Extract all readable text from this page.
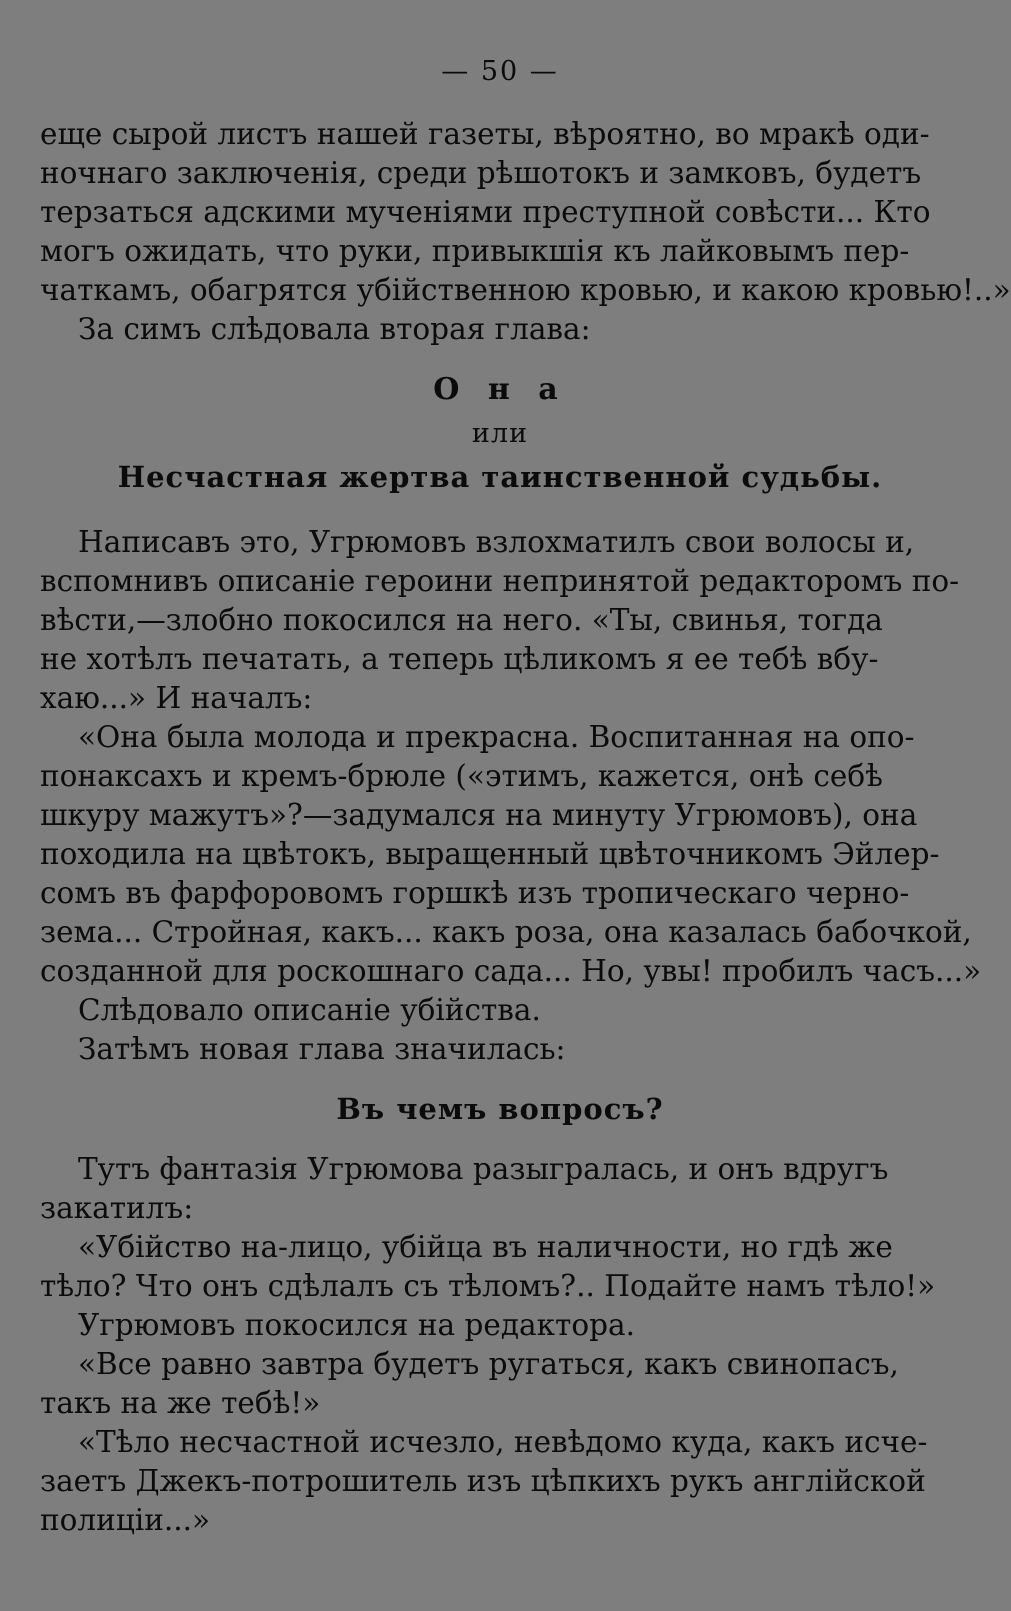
— 50 —
еще сырой листъ нашей газеты, вѣроятно, во мракѣ оди-
ночнаго заключенія, среди рѣшотокъ и замковъ, будетъ
терзаться адскими мученіями преступной совѣсти... Кто
могъ ожидать, что руки, привыкшія къ лайковымъ пер-
чаткамъ, обагрятся убійственною кровью, и какою кровью!..»
За симъ слѣдовала вторая глава:
О н а
или
Несчастная жертва таинственной судьбы.
Написавъ это, Угрюмовъ взлохматилъ свои волосы и,
вспомнивъ описаніе героини непринятой редакторомъ по-
вѣсти,—злобно покосился на него. «Ты, свинья, тогда
не хотѣлъ печатать, а теперь цѣликомъ я ее тебѣ вбу-
хаю...» И началъ:
«Она была молода и прекрасна. Воспитанная на опо-
понаксахъ и кремъ-брюле («этимъ, кажется, онѣ себѣ
шкуру мажутъ»?—задумался на минуту Угрюмовъ), она
походила на цвѣтокъ, выращенный цвѣточникомъ Эйлер-
сомъ въ фарфоровомъ горшкѣ изъ тропическаго черно-
зема... Стройная, какъ... какъ роза, она казалась бабочкой,
созданной для роскошнаго сада... Но, увы! пробилъ часъ...»
Слѣдовало описаніе убійства.
Затѣмъ новая глава значилась:
Въ чемъ вопросъ?
Тутъ фантазія Угрюмова разыгралась, и онъ вдругъ
закатилъ:
«Убійство на-лицо, убійца въ наличности, но гдѣ же
тѣло? Что онъ сдѣлалъ съ тѣломъ?.. Подайте намъ тѣло!»
Угрюмовъ покосился на редактора.
«Все равно завтра будетъ ругаться, какъ свинопасъ,
такъ на же тебѣ!»
«Тѣло несчастной исчезло, невѣдомо куда, какъ исче-
заетъ Джекъ-потрошитель изъ цѣпкихъ рукъ англійской
полиціи...»
